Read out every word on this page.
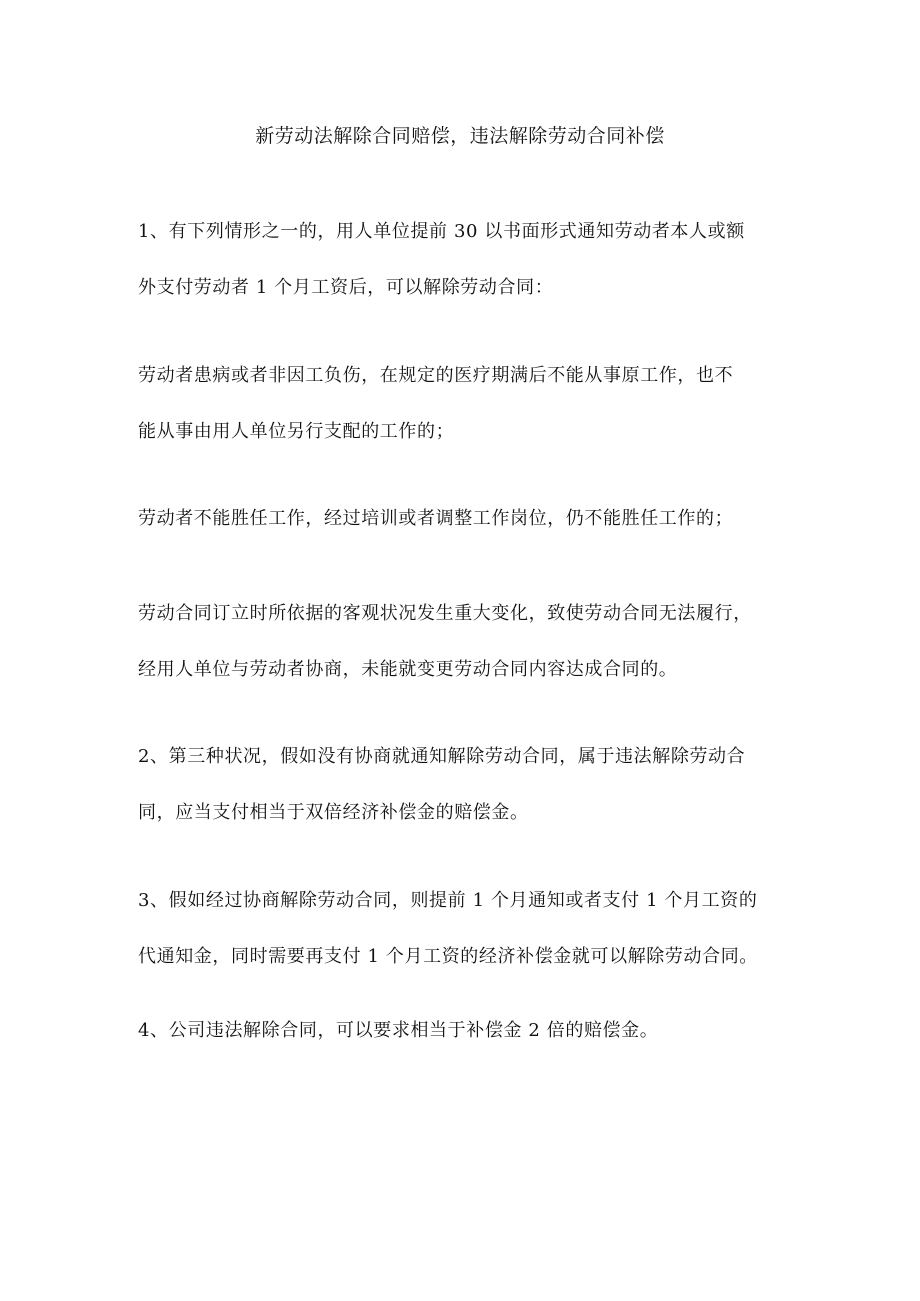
新劳动法解除合同赔偿，违法解除劳动合同补偿
1、有下列情形之一的，用人单位提前 30 以书面形式通知劳动者本人或额
外支付劳动者 1 个月工资后，可以解除劳动合同：
劳动者患病或者非因工负伤，在规定的医疗期满后不能从事原工作，也不
能从事由用人单位另行支配的工作的；
劳动者不能胜任工作，经过培训或者调整工作岗位，仍不能胜任工作的；
劳动合同订立时所依据的客观状况发生重大变化，致使劳动合同无法履行，
经用人单位与劳动者协商，未能就变更劳动合同内容达成合同的。
2、第三种状况，假如没有协商就通知解除劳动合同，属于违法解除劳动合
同，应当支付相当于双倍经济补偿金的赔偿金。
3、假如经过协商解除劳动合同，则提前 1 个月通知或者支付 1 个月工资的
代通知金，同时需要再支付 1 个月工资的经济补偿金就可以解除劳动合同。
4、公司违法解除合同，可以要求相当于补偿金 2 倍的赔偿金。
